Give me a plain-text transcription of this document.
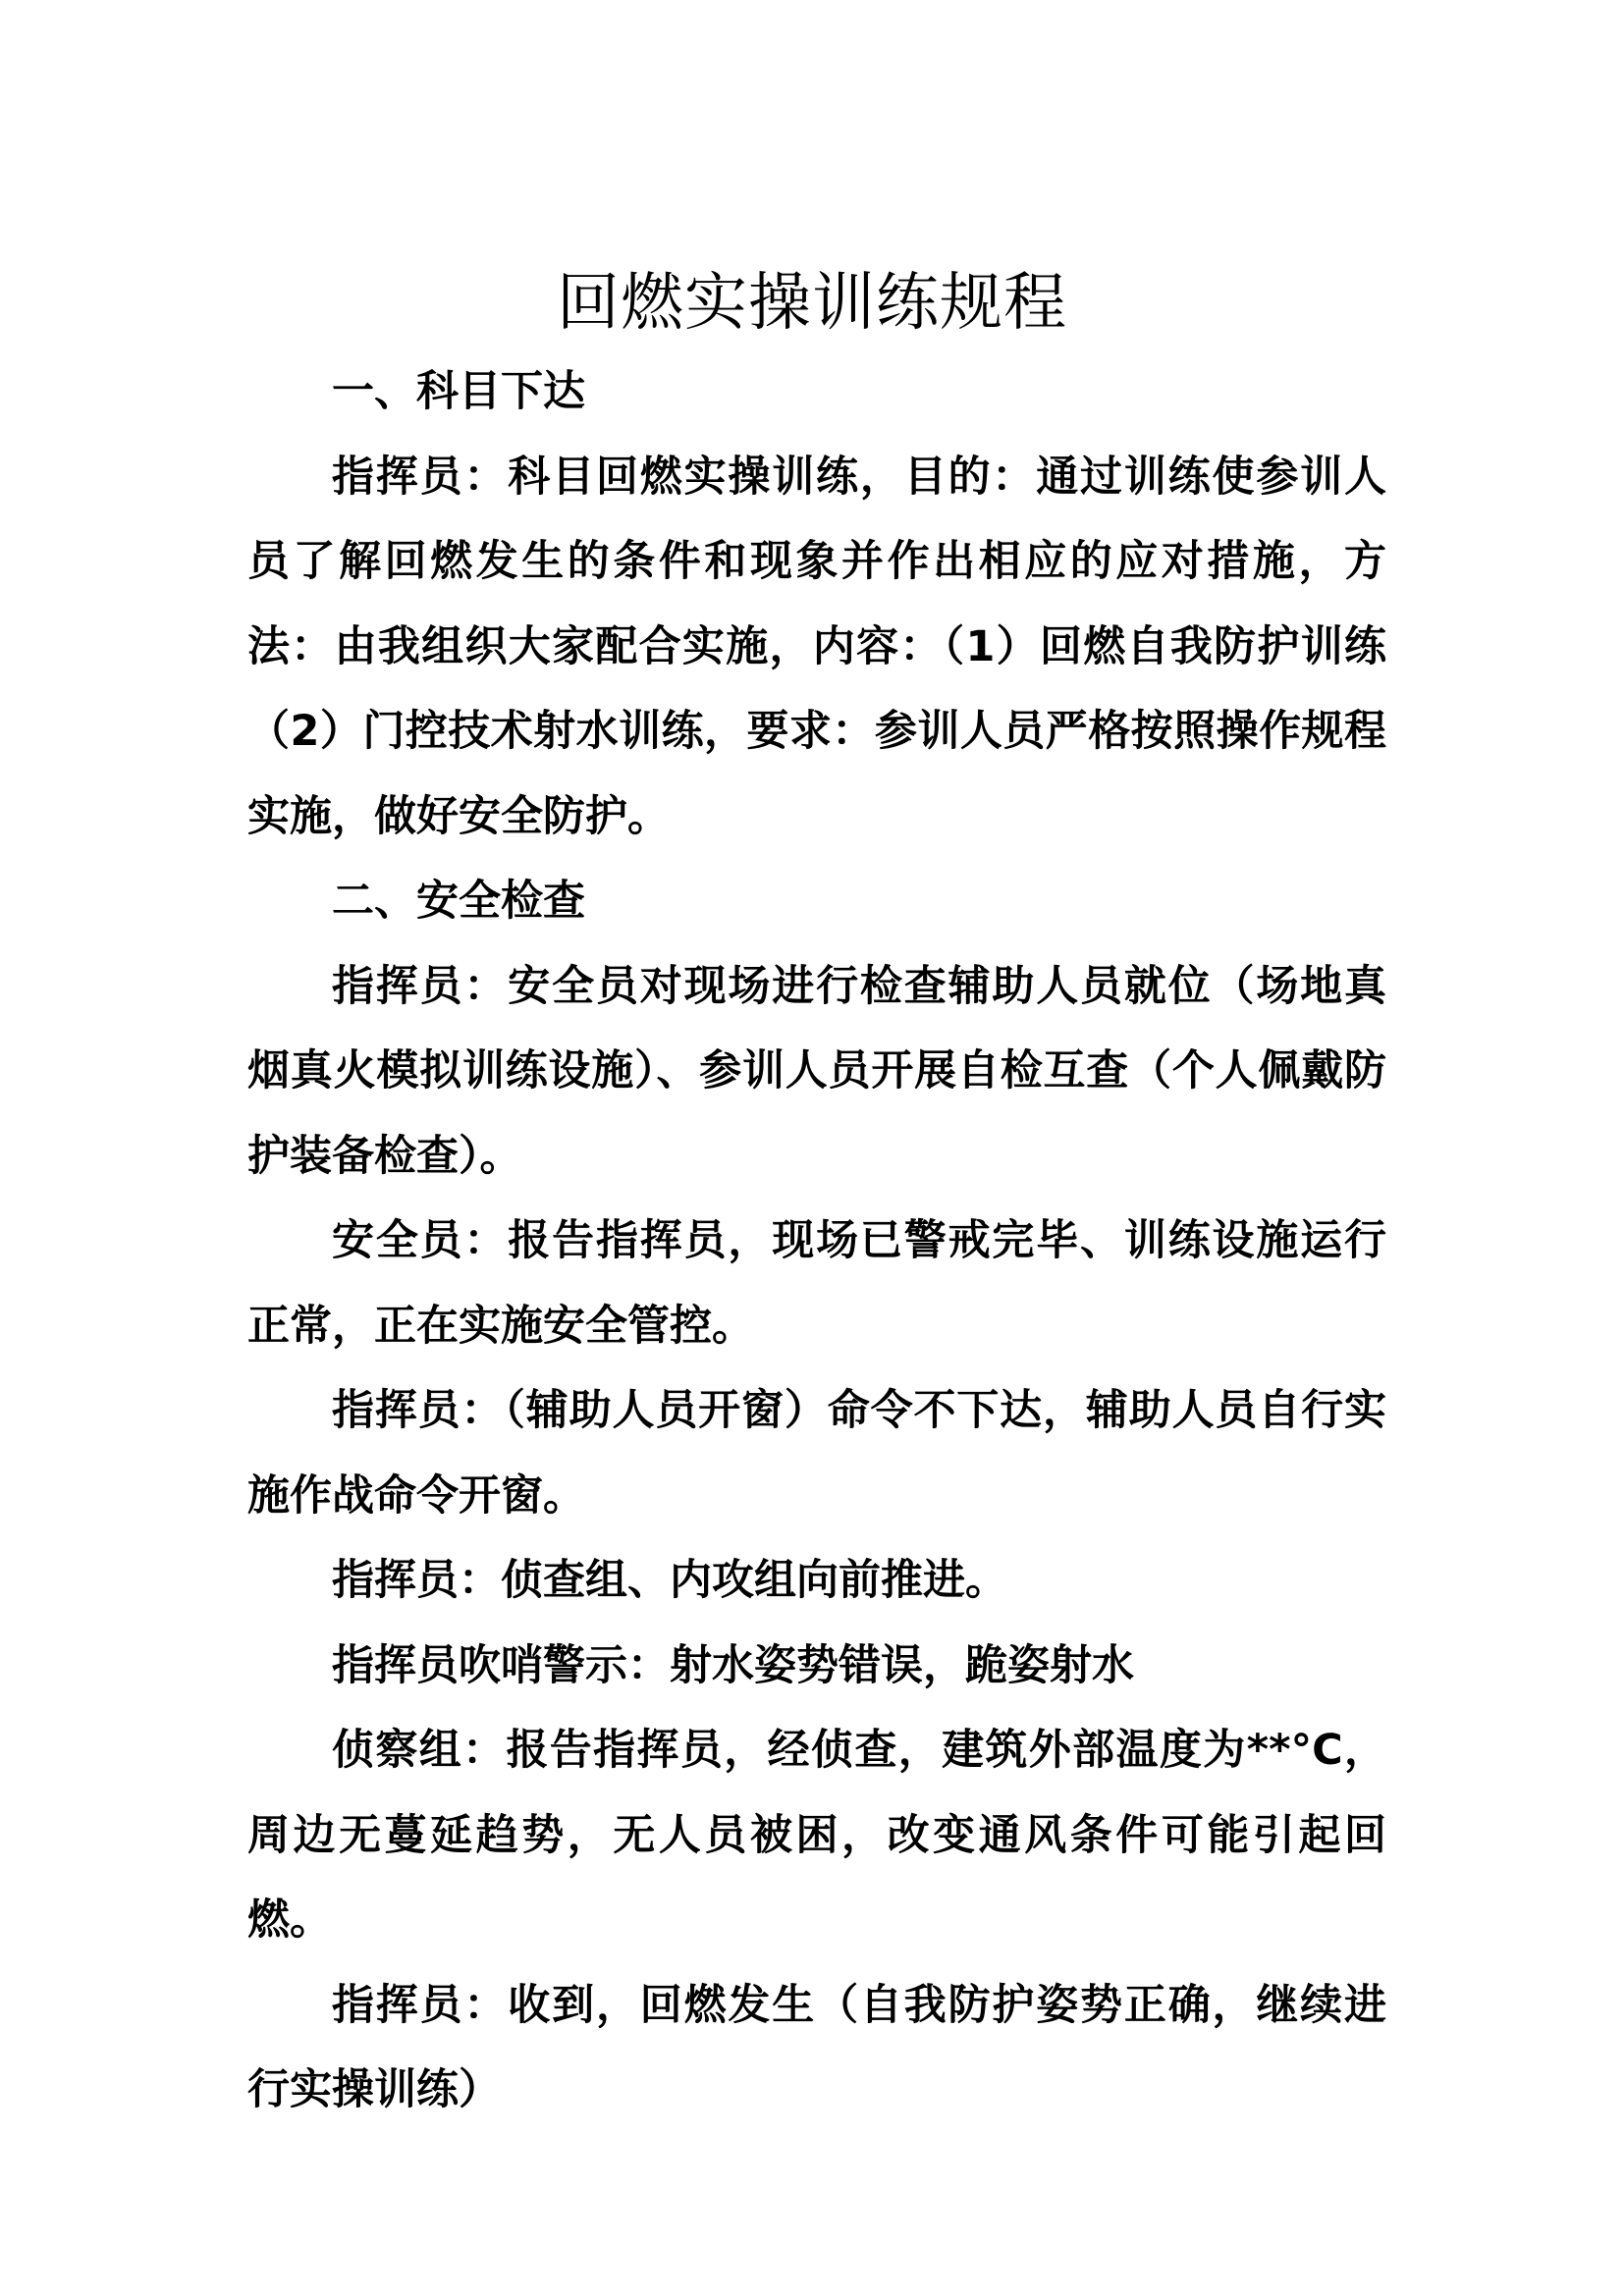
回燃实操训练规程

一、科目下达

指挥员：科目回燃实操训练，目的：通过训练使参训人员了解回燃发生的条件和现象并作出相应的应对措施，方法：由我组织大家配合实施，内容：（1）回燃自我防护训练（2）门控技术射水训练，要求：参训人员严格按照操作规程实施，做好安全防护。

二、安全检查

指挥员：安全员对现场进行检查辅助人员就位（场地真烟真火模拟训练设施）、参训人员开展自检互查（个人佩戴防护装备检查）。

安全员：报告指挥员，现场已警戒完毕、训练设施运行正常，正在实施安全管控。

指挥员：（辅助人员开窗）命令不下达，辅助人员自行实施作战命令开窗。

指挥员：侦查组、内攻组向前推进。

指挥员吹哨警示：射水姿势错误，跪姿射水

侦察组：报告指挥员，经侦查，建筑外部温度为**°C，周边无蔓延趋势，无人员被困，改变通风条件可能引起回燃。

指挥员：收到，回燃发生（自我防护姿势正确，继续进行实操训练）
